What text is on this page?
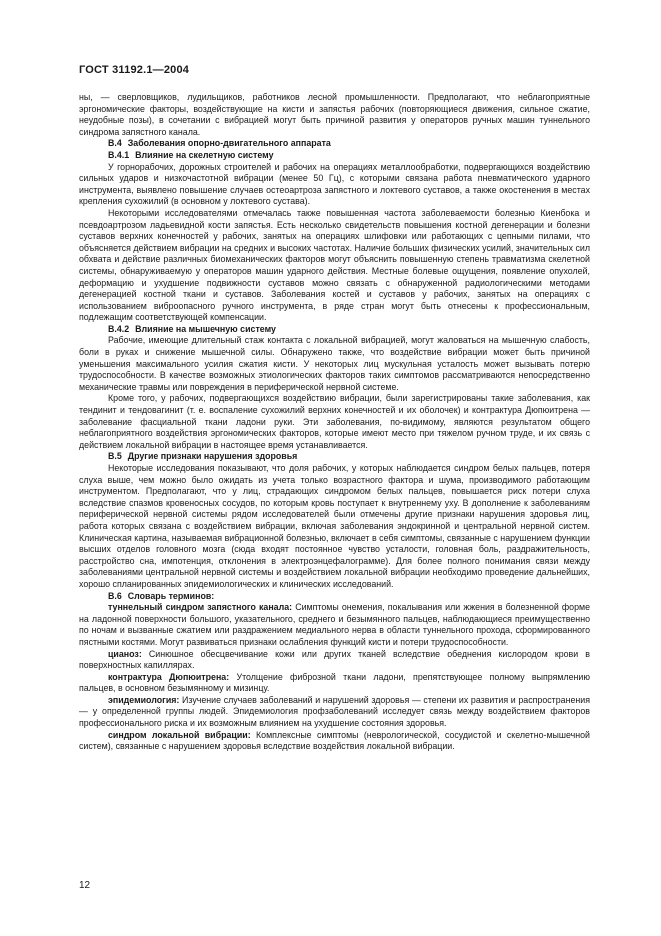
ГОСТ 31192.1—2004

ны, — сверловщиков, лудильщиков, работников лесной промышленности. Предполагают, что неблагоприятные эргономические факторы, воздействующие на кисти и запястья рабочих (повторяющиеся движения, сильное сжатие, неудобные позы), в сочетании с вибрацией могут быть причиной развития у операторов ручных машин туннельного синдрома запястного канала.

В.4 Заболевания опорно-двигательного аппарата

В.4.1 Влияние на скелетную систему

У горнорабочих, дорожных строителей и рабочих на операциях металлообработки, подвергающихся воздействию сильных ударов и низкочастотной вибрации (менее 50 Гц), с которыми связана работа пневматического ударного инструмента, выявлено повышение случаев остеоартроза запястного и локтевого суставов, а также окостенения в местах крепления сухожилий (в основном у локтевого сустава).

Некоторыми исследователями отмечалась также повышенная частота заболеваемости болезнью Киенбока и псевдоартрозом ладьевидной кости запястья. Есть несколько свидетельств повышения костной дегенерации и болезни суставов верхних конечностей у рабочих, занятых на операциях шлифовки или работающих с цепными пилами, что объясняется действием вибрации на средних и высоких частотах. Наличие больших физических усилий, значительных сил обхвата и действие различных биомеханических факторов могут объяснить повышенную степень травматизма скелетной системы, обнаруживаемую у операторов машин ударного действия. Местные болевые ощущения, появление опухолей, деформацию и ухудшение подвижности суставов можно связать с обнаруженной радиологическими методами дегенерацией костной ткани и суставов. Заболевания костей и суставов у рабочих, занятых на операциях с использованием виброопасного ручного инструмента, в ряде стран могут быть отнесены к профессиональным, подлежащим соответствующей компенсации.

В.4.2 Влияние на мышечную систему

Рабочие, имеющие длительный стаж контакта с локальной вибрацией, могут жаловаться на мышечную слабость, боли в руках и снижение мышечной силы. Обнаружено также, что воздействие вибрации может быть причиной уменьшения максимального усилия сжатия кисти. У некоторых лиц мускульная усталость может вызывать потерю трудоспособности. В качестве возможных этиологических факторов таких симптомов рассматриваются непосредственно механические травмы или повреждения в периферической нервной системе.

Кроме того, у рабочих, подвергающихся воздействию вибрации, были зарегистрированы такие заболевания, как тендинит и тендовагинит (т. е. воспаление сухожилий верхних конечностей и их оболочек) и контрактура Дюпюитрена — заболевание фасциальной ткани ладони руки. Эти заболевания, по-видимому, являются результатом общего неблагоприятного воздействия эргономических факторов, которые имеют место при тяжелом ручном труде, и их связь с действием локальной вибрации в настоящее время устанавливается.

В.5 Другие признаки нарушения здоровья

Некоторые исследования показывают, что доля рабочих, у которых наблюдается синдром белых пальцев, потеря слуха выше, чем можно было ожидать из учета только возрастного фактора и шума, производимого работающим инструментом. Предполагают, что у лиц, страдающих синдромом белых пальцев, повышается риск потери слуха вследствие спазмов кровеносных сосудов, по которым кровь поступает к внутреннему уху. В дополнение к заболеваниям периферической нервной системы рядом исследователей были отмечены другие признаки нарушения здоровья лиц, работа которых связана с воздействием вибрации, включая заболевания эндокринной и центральной нервной систем. Клиническая картина, называемая вибрационной болезнью, включает в себя симптомы, связанные с нарушением функции высших отделов головного мозга (сюда входят постоянное чувство усталости, головная боль, раздражительность, расстройство сна, импотенция, отклонения в электроэнцефалограмме). Для более полного понимания связи между заболеваниями центральной нервной системы и воздействием локальной вибрации необходимо проведение дальнейших, хорошо спланированных эпидемиологических и клинических исследований.

В.6 Словарь терминов:

туннельный синдром запястного канала: Симптомы онемения, покалывания или жжения в болезненной форме на ладонной поверхности большого, указательного, среднего и безымянного пальцев, наблюдающиеся преимущественно по ночам и вызванные сжатием или раздражением медиального нерва в области туннельного прохода, сформированного пястными костями. Могут развиваться признаки ослабления функций кисти и потери трудоспособности.

цианоз: Синюшное обесцвечивание кожи или других тканей вследствие обеднения кислородом крови в поверхностных капиллярах.

контрактура Дюпюитрена: Утолщение фиброзной ткани ладони, препятствующее полному выпрямлению пальцев, в основном безымянному и мизинцу.

эпидемиология: Изучение случаев заболеваний и нарушений здоровья — степени их развития и распространения — у определенной группы людей. Эпидемиология профзаболеваний исследует связь между воздействием факторов профессионального риска и их возможным влиянием на ухудшение состояния здоровья.

синдром локальной вибрации: Комплексные симптомы (неврологической, сосудистой и скелетно-мышечной систем), связанные с нарушением здоровья вследствие воздействия локальной вибрации.

12
